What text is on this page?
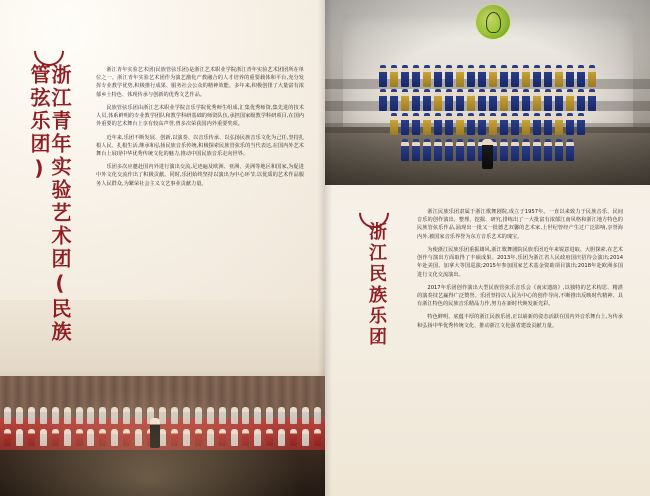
浙江青年实验艺术团(民族管弦乐团)	浙江青年实验艺术团(民族管弦乐团)是浙江艺术职业学院浙江青年实验艺术团团所在单位之一。浙江青年实验艺术团作为演艺激化产教融合的人才培养的重要载体和平台,充分发挥专业教学优势,积极推行成果、服务社会公众的精神效能。多年来,积极创排了大量富有浓郁乡土特色、体现传承与创新的优秀文艺作品。

民族管弦乐团由浙江艺术职业学院音乐学院优秀师生组成,汇集优秀师资,集先进的技术人员,体系鲜明的专业教学团队和教学科研基础的师资队伍,承担国家级教学科研项目,在国内外重要的艺术舞台上享有较高声誉,曾多次荣获国内外重要奖项。

近年来,乐团不断发展、创新,以演奏、以音乐传承、以弘扬民族音乐文化为己任,坚持扎根人民、扎根生活,继承和弘扬民族音乐传统,积极探索民族管弦乐的当代表达,在国内外艺术舞台上展现中华优秀传统文化的魅力,推动中国民族音乐走向世界。

乐团多次应邀赴国内外进行演出交流,足迹遍及欧洲、亚洲、美洲等地区和国家,为促进中外文化交流作出了积极贡献。同时,乐团始终坚持以演出为中心环节,以优质的艺术作品服务人民群众,为繁荣社会主义文艺事业贡献力量。

浙江民族乐团

浙江民族乐团隶属于浙江歌舞剧院,成立于1957年。一直以来致力于民族音乐、民间音乐的创作演出、整理、挖掘、研究,排练出了一大批富有浓郁江南风格和浙江地方特色的民族管弦乐作品,涌现出一批又一批德艺双馨的艺术家,上世纪曾经产生过广泛影响,享誉海内外,被国家音乐界誉为东方音乐艺术的瑰宝。

为使浙江民族乐团重振雄风,浙江歌舞剧院民族乐团近年来锐意进取、大胆探索,在艺术创作与演出方面取得了丰硕成果。2013年,乐团为浙江省人民政府国庆招待会演出;2014年赴美国、加拿大等国巡演;2015年参加国家艺术基金资助项目演出;2018年赴欧洲多国进行文化交流演出。

2017年乐团创作演出大型民族管弦乐音乐会《南宋遗韵》,以独特的艺术构思、精湛的演奏技艺赢得广泛赞誉。乐团坚持以人民为中心的创作导向,不断推出反映时代精神、具有浙江特色的民族音乐精品力作,努力在新时代焕发新光彩。

特色鲜明、底蕴丰厚的浙江民族乐团,正以崭新的姿态活跃在国内外音乐舞台上,为传承和弘扬中华优秀传统文化、推动浙江文化强省建设贡献力量。
